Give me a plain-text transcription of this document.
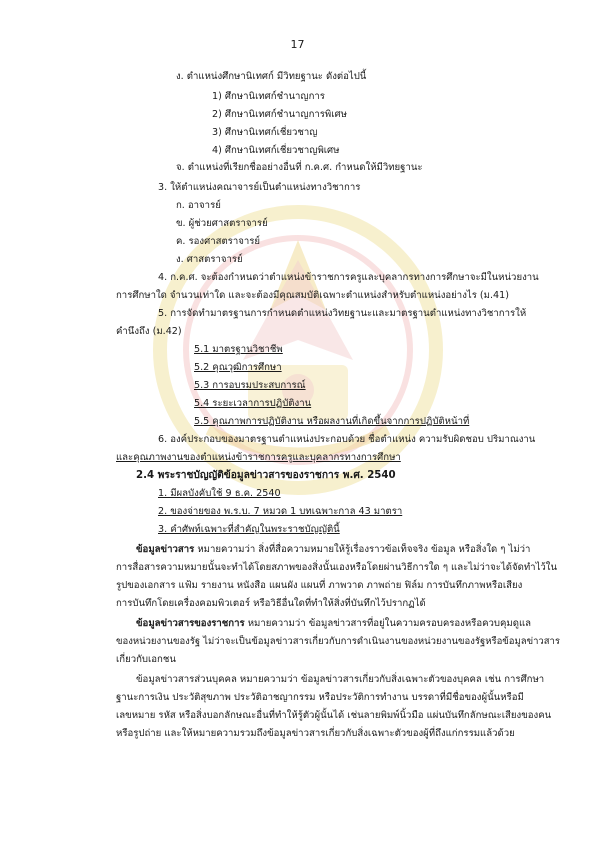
17
ง. ตำแหน่งศึกษานิเทศก์ มีวิทยฐานะ ดังต่อไปนี้
1) ศึกษานิเทศก์ชำนาญการ
2) ศึกษานิเทศก์ชำนาญการพิเศษ
3) ศึกษานิเทศก์เชี่ยวชาญ
4) ศึกษานิเทศก์เชี่ยวชาญพิเศษ
จ. ตำแหน่งที่เรียกชื่ออย่างอื่นที่ ก.ค.ศ. กำหนดให้มีวิทยฐานะ
3. ให้ตำแหน่งคณาจารย์เป็นตำแหน่งทางวิชาการ
ก. อาจารย์
ข. ผู้ช่วยศาสตราจารย์
ค. รองศาสตราจารย์
ง. ศาสตราจารย์
4. ก.ค.ศ. จะต้องกำหนดว่าตำแหน่งข้าราชการครูและบุคลากรทางการศึกษาจะมีในหน่วยงาน
การศึกษาใด จำนวนเท่าใด และจะต้องมีคุณสมบัติเฉพาะตำแหน่งสำหรับตำแหน่งอย่างไร (ม.41)
5. การจัดทำมาตรฐานการกำหนดตำแหน่งวิทยฐานะและมาตรฐานตำแหน่งทางวิชาการให้
คำนึงถึง (ม.42)
5.1 มาตรฐานวิชาชีพ
5.2 คุณวุฒิการศึกษา
5.3 การอบรมประสบการณ์
5.4 ระยะเวลาการปฏิบัติงาน
5.5 คุณภาพการปฏิบัติงาน หรือผลงานที่เกิดขึ้นจากการปฏิบัติหน้าที่
6. องค์ประกอบของมาตรฐานตำแหน่งประกอบด้วย ชื่อตำแหน่ง ความรับผิดชอบ ปริมาณงาน
และคุณภาพงานของตำแหน่งข้าราชการครูและบุคลากรทางการศึกษา
2.4 พระราชบัญญัติข้อมูลข่าวสารของราชการ พ.ศ. 2540
1. มีผลบังคับใช้ 9 ธ.ค. 2540
2. ของจ่ายของ พ.ร.บ. 7 หมวด 1 บทเฉพาะกาล 43 มาตรา
3. คำศัพท์เฉพาะที่สำคัญในพระราชบัญญัตินี้
ข้อมูลข่าวสาร หมายความว่า สิ่งที่สื่อความหมายให้รู้เรื่องราวข้อเท็จจริง ข้อมูล หรือสิ่งใด ๆ ไม่ว่า
การสื่อสารความหมายนั้นจะทำได้โดยสภาพของสิ่งนั้นเองหรือโดยผ่านวิธีการใด ๆ และไม่ว่าจะได้จัดทำไว้ใน
รูปของเอกสาร แฟ้ม รายงาน หนังสือ แผนผัง แผนที่ ภาพวาด ภาพถ่าย ฟิล์ม การบันทึกภาพหรือเสียง
การบันทึกโดยเครื่องคอมพิวเตอร์ หรือวิธีอื่นใดที่ทำให้สิ่งที่บันทึกไว้ปรากฏได้
ข้อมูลข่าวสารของราชการ หมายความว่า ข้อมูลข่าวสารที่อยู่ในความครอบครองหรือควบคุมดูแล
ของหน่วยงานของรัฐ ไม่ว่าจะเป็นข้อมูลข่าวสารเกี่ยวกับการดำเนินงานของหน่วยงานของรัฐหรือข้อมูลข่าวสาร
เกี่ยวกับเอกชน
ข้อมูลข่าวสารส่วนบุคคล หมายความว่า ข้อมูลข่าวสารเกี่ยวกับสิ่งเฉพาะตัวของบุคคล เช่น การศึกษา
ฐานะการเงิน ประวัติสุขภาพ ประวัติอาชญากรรม หรือประวัติการทำงาน บรรดาที่มีชื่อของผู้นั้นหรือมี
เลขหมาย รหัส หรือสิ่งบอกลักษณะอื่นที่ทำให้รู้ตัวผู้นั้นได้ เช่นลายพิมพ์นิ้วมือ แผ่นบันทึกลักษณะเสียงของคน
หรือรูปถ่าย และให้หมายความรวมถึงข้อมูลข่าวสารเกี่ยวกับสิ่งเฉพาะตัวของผู้ที่ถึงแก่กรรมแล้วด้วย
